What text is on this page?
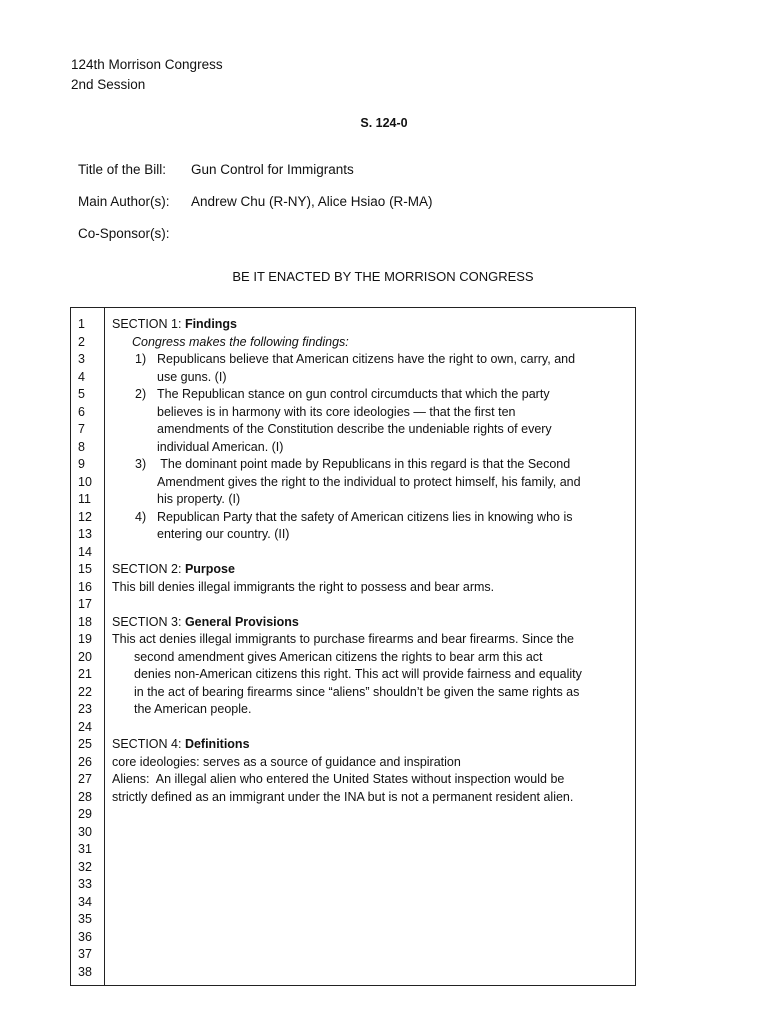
124th Morrison Congress
2nd Session
S. 124-0
Title of the Bill: Gun Control for Immigrants
Main Author(s): Andrew Chu (R-NY), Alice Hsiao (R-MA)
Co-Sponsor(s):
BE IT ENACTED BY THE MORRISON CONGRESS
1
2
3
4
5
6
7
8
9
10
11
12
13
14
15
16
17
18
19
20
21
22
23
24
25
26
27
28
29
30
31
32
33
34
35
36
37
38
SECTION 1: Findings
Congress makes the following findings:
1) Republicans believe that American citizens have the right to own, carry, and
use guns. (I)
2) The Republican stance on gun control circumducts that which the party
believes is in harmony with its core ideologies — that the first ten
amendments of the Constitution describe the undeniable rights of every
individual American. (I)
3) The dominant point made by Republicans in this regard is that the Second
Amendment gives the right to the individual to protect himself, his family, and
his property. (I)
4) Republican Party that the safety of American citizens lies in knowing who is
entering our country. (II)
SECTION 2: Purpose
This bill denies illegal immigrants the right to possess and bear arms.
SECTION 3: General Provisions
This act denies illegal immigrants to purchase firearms and bear firearms. Since the
second amendment gives American citizens the rights to bear arm this act
denies non-American citizens this right. This act will provide fairness and equality
in the act of bearing firearms since “aliens” shouldn’t be given the same rights as
the American people.
SECTION 4: Definitions
core ideologies: serves as a source of guidance and inspiration
Aliens:  An illegal alien who entered the United States without inspection would be
strictly defined as an immigrant under the INA but is not a permanent resident alien.
